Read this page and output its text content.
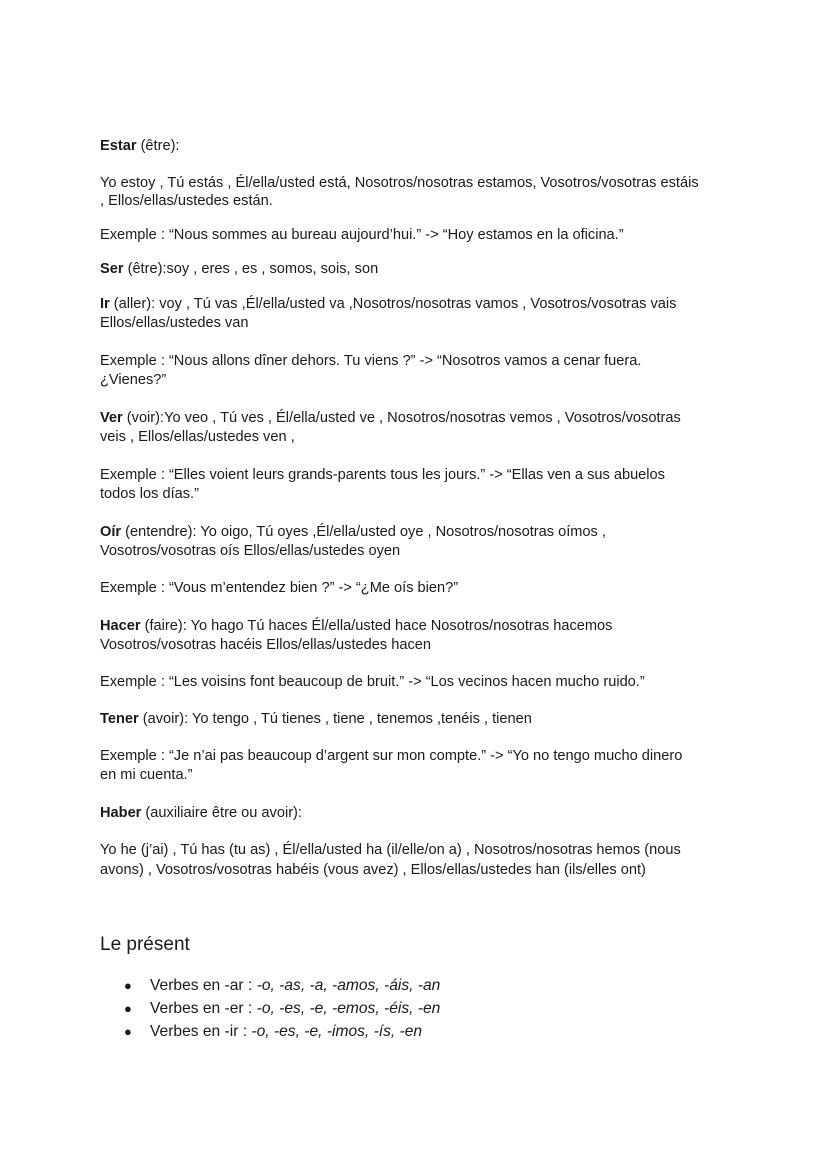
Estar (être):

Yo estoy , Tú estás , Él/ella/usted está, Nosotros/nosotras estamos, Vosotros/vosotras estáis

, Ellos/ellas/ustedes están.

Exemple : “Nous sommes au bureau aujourd’hui.” -> “Hoy estamos en la oficina.”

Ser (être):soy , eres , es , somos, sois, son

Ir (aller): voy , Tú vas ,Él/ella/usted va ,Nosotros/nosotras vamos , Vosotros/vosotras vais

Ellos/ellas/ustedes van

Exemple : “Nous allons dîner dehors. Tu viens ?” -> “Nosotros vamos a cenar fuera.

¿Vienes?”

Ver (voir):Yo veo , Tú ves , Él/ella/usted ve , Nosotros/nosotras vemos , Vosotros/vosotras

veis , Ellos/ellas/ustedes ven ,

Exemple : “Elles voient leurs grands-parents tous les jours.” -> “Ellas ven a sus abuelos

todos los días.”

Oír (entendre): Yo oigo, Tú oyes ,Él/ella/usted oye , Nosotros/nosotras oímos ,

Vosotros/vosotras oís Ellos/ellas/ustedes oyen

Exemple : “Vous m’entendez bien ?” -> “¿Me oís bien?”

Hacer (faire): Yo hago Tú haces Él/ella/usted hace Nosotros/nosotras hacemos

Vosotros/vosotras hacéis Ellos/ellas/ustedes hacen

Exemple : “Les voisins font beaucoup de bruit.” -> “Los vecinos hacen mucho ruido.”

Tener (avoir): Yo tengo , Tú tienes , tiene , tenemos ,tenéis , tienen

Exemple : “Je n’ai pas beaucoup d’argent sur mon compte.” -> “Yo no tengo mucho dinero

en mi cuenta.”

Haber (auxiliaire être ou avoir):

Yo he (j’ai) , Tú has (tu as) , Él/ella/usted ha (il/elle/on a) , Nosotros/nosotras hemos (nous

avons) , Vosotros/vosotras habéis (vous avez) , Ellos/ellas/ustedes han (ils/elles ont)

Le présent
● Verbes en -ar : -o, -as, -a, -amos, -áis, -an
● Verbes en -er : -o, -es, -e, -emos, -éis, -en
● Verbes en -ir : -o, -es, -e, -imos, -ís, -en
